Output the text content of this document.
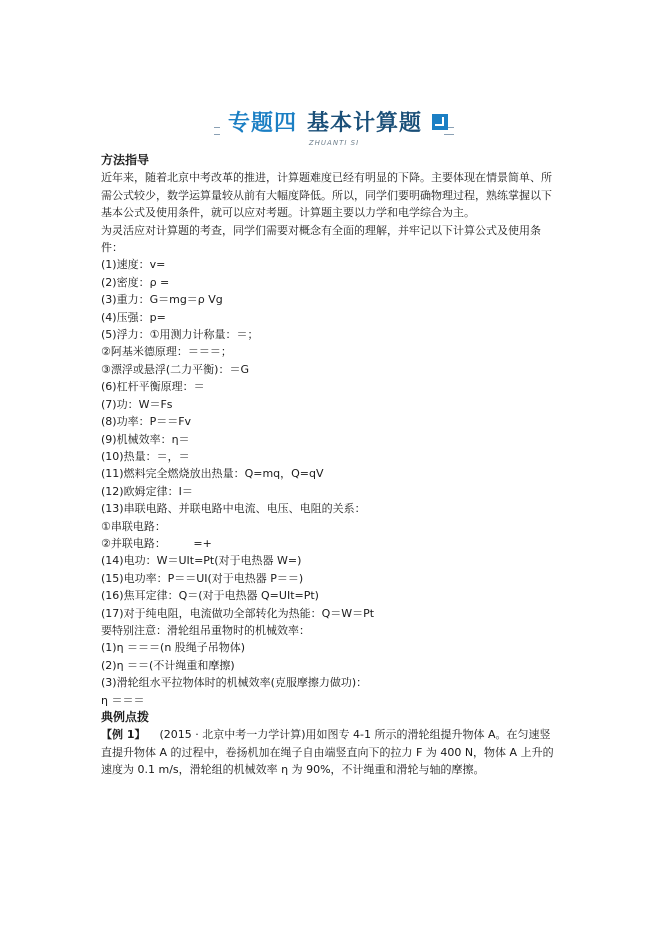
专题四 基本计算题
ZHUANTI SI
方法指导
近年来，随着北京中考改革的推进，计算题难度已经有明显的下降。主要体现在情景简单、所需公式较少，数学运算量较从前有大幅度降低。所以，同学们要明确物理过程，熟练掌握以下基本公式及使用条件，就可以应对考题。计算题主要以力学和电学综合为主。
为灵活应对计算题的考查，同学们需要对概念有全面的理解，并牢记以下计算公式及使用条件：
(1)速度：v=
(2)密度：ρ =
(3)重力：G＝mg＝ρ Vg
(4)压强：p=
(5)浮力：①用测力计称量：＝；
②阿基米德原理：＝＝＝；
③漂浮或悬浮(二力平衡)：＝G
(6)杠杆平衡原理：＝
(7)功：W＝Fs
(8)功率：P＝＝Fv
(9)机械效率：η＝
(10)热量：＝，＝
(11)燃料完全燃烧放出热量：Q=mq，Q=qV
(12)欧姆定律：I＝
(13)串联电路、并联电路中电流、电压、电阻的关系：
①串联电路：
②并联电路：　　　=+
(14)电功：W＝UIt=Pt(对于电热器 W=)
(15)电功率：P＝＝UI(对于电热器 P＝＝)
(16)焦耳定律：Q＝(对于电热器 Q=UIt=Pt)
(17)对于纯电阻，电流做功全部转化为热能：Q＝W＝Pt
要特别注意：滑轮组吊重物时的机械效率：
(1)η ＝＝＝(n 股绳子吊物体)
(2)η ＝＝(不计绳重和摩擦)
(3)滑轮组水平拉物体时的机械效率(克服摩擦力做功)：
η ＝＝＝
典例点拨
【例 1】 (2015 · 北京中考一力学计算)用如图专 4-1 所示的滑轮组提升物体 A。在匀速竖直提升物体 A 的过程中，卷扬机加在绳子自由端竖直向下的拉力 F 为 400 N，物体 A 上升的速度为 0.1 m/s，滑轮组的机械效率 η 为 90%，不计绳重和滑轮与轴的摩擦。
